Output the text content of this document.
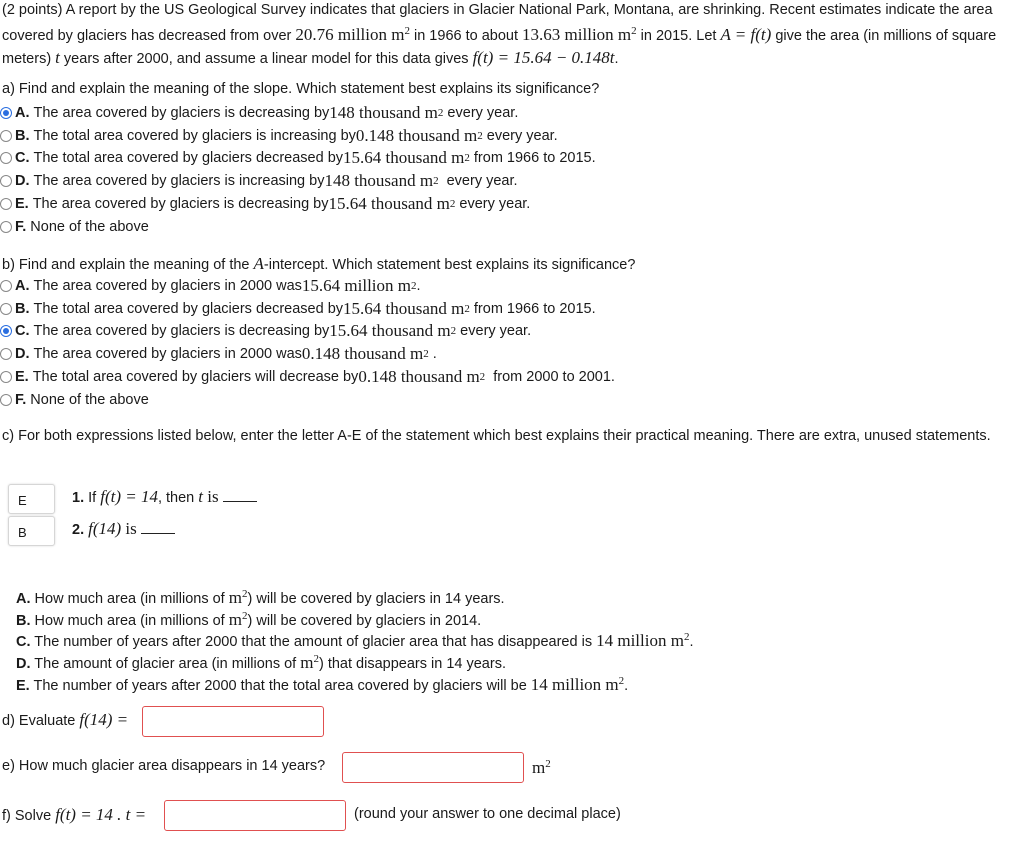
(2 points) A report by the US Geological Survey indicates that glaciers in Glacier National Park, Montana, are shrinking. Recent estimates indicate the area covered by glaciers has decreased from over 20.76 million $m^2$ in 1966 to about 13.63 million $m^2$ in 2015. Let A = f(t) give the area (in millions of square meters) t years after 2000, and assume a linear model for this data gives f(t) = 15.64 − 0.148t.
a) Find and explain the meaning of the slope. Which statement best explains its significance?
A. The area covered by glaciers is decreasing by 148 thousand m 2 every year.
B. The total area covered by glaciers is increasing by 0.148 thousand m 2 every year.
C. The total area covered by glaciers decreased by 15.64 thousand m 2 from 1966 to 2015.
D. The area covered by glaciers is increasing by 148 thousand m 2 every year.
E. The area covered by glaciers is decreasing by 15.64 thousand m 2 every year.
F. None of the above
b) Find and explain the meaning of the A-intercept. Which statement best explains its significance?
A. The area covered by glaciers in 2000 was 15.64 million m 2 .
B. The total area covered by glaciers decreased by 15.64 thousand m 2 from 1966 to 2015.
C. The area covered by glaciers is decreasing by 15.64 thousand m 2 every year.
D. The area covered by glaciers in 2000 was 0.148 thousand m 2 .
E. The total area covered by glaciers will decrease by 0.148 thousand m 2 from 2000 to 2001.
F. None of the above
c) For both expressions listed below, enter the letter A-E of the statement which best explains their practical meaning. There are extra, unused statements.
E	1. If f(t) = 14, then t is
B	2. f(14) is
A. How much area (in millions of $m^2$) will be covered by glaciers in 14 years.
B. How much area (in millions of $m^2$) will be covered by glaciers in 2014.
C. The number of years after 2000 that the amount of glacier area that has disappeared is 14 million $m^2$.
D. The amount of glacier area (in millions of $m^2$) that disappears in 14 years.
E. The number of years after 2000 that the total area covered by glaciers will be 14 million $m^2$.
d) Evaluate f(14) =
e) How much glacier area disappears in 14 years?	$m^2$
f) Solve f(t) = 14 . t =	(round your answer to one decimal place)
